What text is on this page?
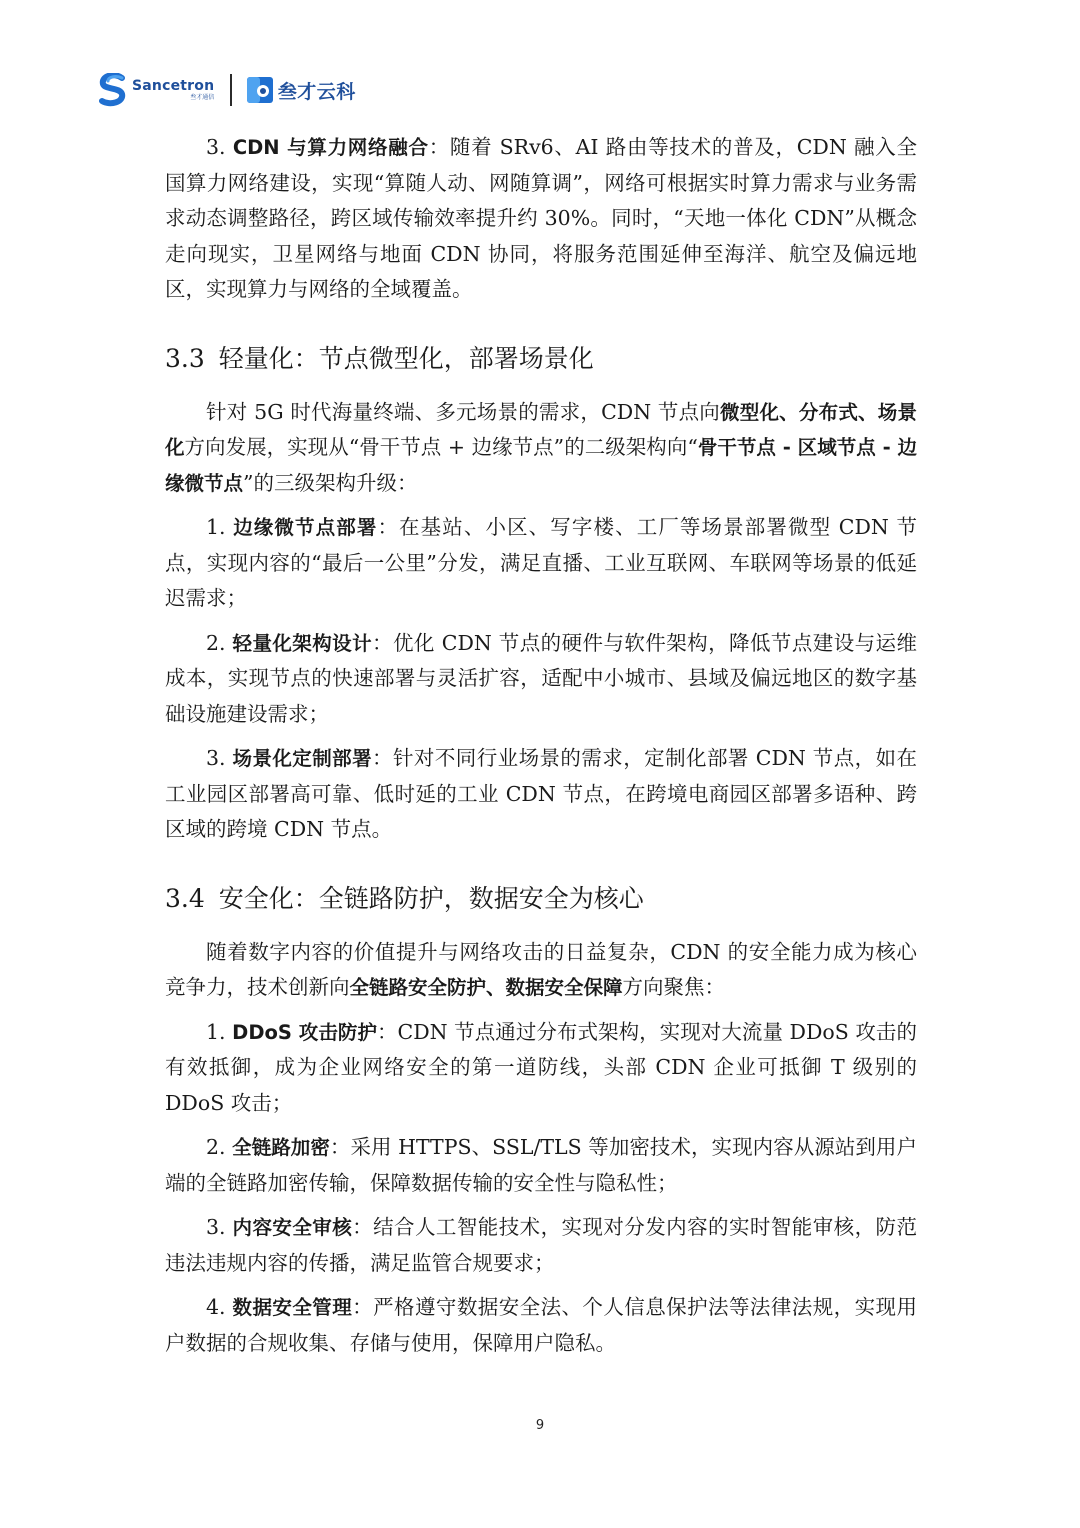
Sancetron
叁才通信	叁才云科

3. CDN 与算力网络融合：随着 SRv6、AI 路由等技术的普及，CDN 融入全国算力网络建设，实现“算随人动、网随算调”，网络可根据实时算力需求与业务需求动态调整路径，跨区域传输效率提升约 30%。同时，“天地一体化 CDN”从概念走向现实，卫星网络与地面 CDN 协同，将服务范围延伸至海洋、航空及偏远地区，实现算力与网络的全域覆盖。

3.3 轻量化：节点微型化，部署场景化

针对 5G 时代海量终端、多元场景的需求，CDN 节点向微型化、分布式、场景化方向发展，实现从“骨干节点 + 边缘节点”的二级架构向“骨干节点 - 区域节点 - 边缘微节点”的三级架构升级：

1. 边缘微节点部署：在基站、小区、写字楼、工厂等场景部署微型 CDN 节点，实现内容的“最后一公里”分发，满足直播、工业互联网、车联网等场景的低延迟需求；

2. 轻量化架构设计：优化 CDN 节点的硬件与软件架构，降低节点建设与运维成本，实现节点的快速部署与灵活扩容，适配中小城市、县域及偏远地区的数字基础设施建设需求；

3. 场景化定制部署：针对不同行业场景的需求，定制化部署 CDN 节点，如在工业园区部署高可靠、低时延的工业 CDN 节点，在跨境电商园区部署多语种、跨区域的跨境 CDN 节点。

3.4 安全化：全链路防护，数据安全为核心

随着数字内容的价值提升与网络攻击的日益复杂，CDN 的安全能力成为核心竞争力，技术创新向全链路安全防护、数据安全保障方向聚焦：

1. DDoS 攻击防护：CDN 节点通过分布式架构，实现对大流量 DDoS 攻击的有效抵御，成为企业网络安全的第一道防线，头部 CDN 企业可抵御 T 级别的 DDoS 攻击；

2. 全链路加密：采用 HTTPS、SSL/TLS 等加密技术，实现内容从源站到用户端的全链路加密传输，保障数据传输的安全性与隐私性；

3. 内容安全审核：结合人工智能技术，实现对分发内容的实时智能审核，防范违法违规内容的传播，满足监管合规要求；

4. 数据安全管理：严格遵守数据安全法、个人信息保护法等法律法规，实现用户数据的合规收集、存储与使用，保障用户隐私。

9
